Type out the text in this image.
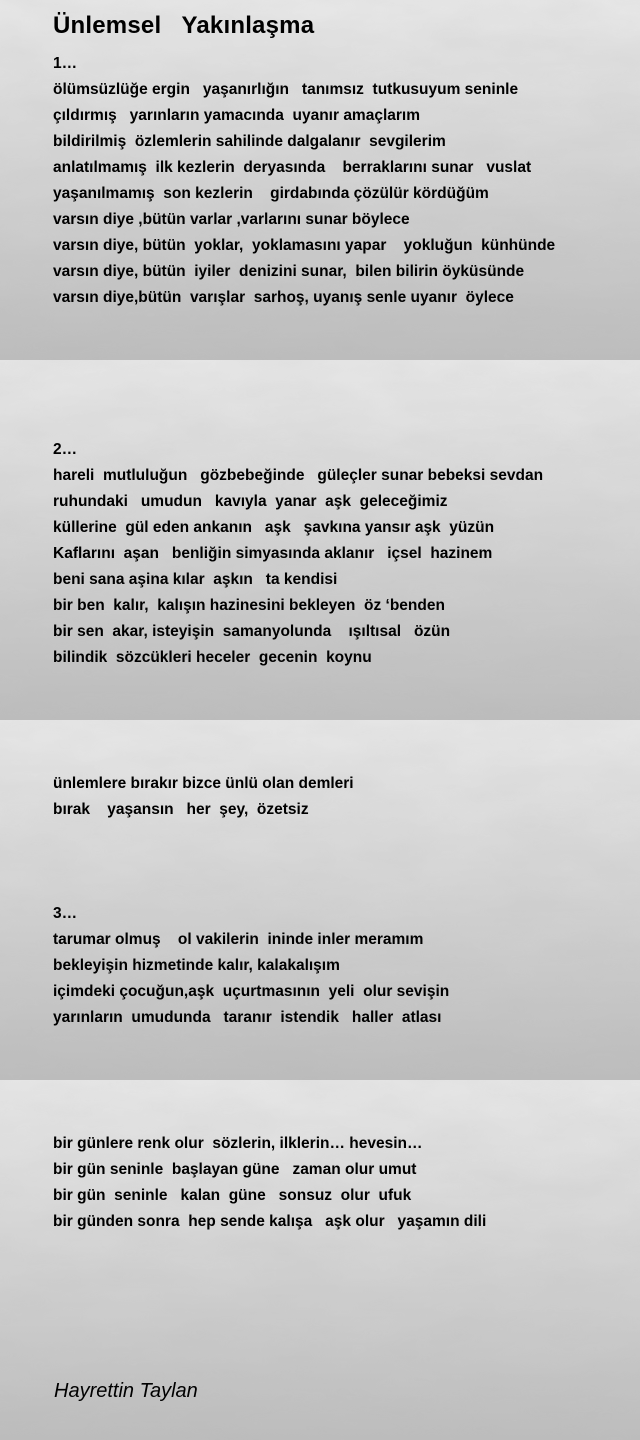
Ünlemsel   Yakınlaşma
1…
ölümsüzlüğe ergin   yaşanırlığın   tanımsız  tutkusuyum seninle
çıldırmış   yarınların yamacında  uyanır amaçlarım
bildirilmiş  özlemlerin sahilinde dalgalanır  sevgilerim
anlatılmamış  ilk kezlerin  deryasında    berraklarını sunar   vuslat
yaşanılmamış  son kezlerin    girdabında çözülür kördüğüm
varsın diye ,bütün varlar ,varlarını sunar böylece
varsın diye, bütün  yoklar,  yoklamasını yapar    yokluğun  künhünde
varsın diye, bütün  iyiler  denizini sunar,  bilen bilirin öyküsünde
varsın diye,bütün  varışlar  sarhoş, uyanış senle uyanır  öylece
2…
hareli  mutluluğun   gözbebeğinde   güleçler sunar bebeksi sevdan
ruhundaki   umudun   kavıyla  yanar  aşk  geleceğimiz
küllerine  gül eden ankanın   aşk   şavkına yansır aşk  yüzün
Kaflarını  aşan   benliğin simyasında aklanır   içsel  hazinem
beni sana aşina kılar  aşkın   ta kendisi
bir ben  kalır,  kalışın hazinesini bekleyen  öz ‘benden
bir sen  akar, isteyişin  samanyolunda    ışıltısal   özün
bilindik  sözcükleri heceler  gecenin  koynu
ünlemlere bırakır bizce ünlü olan demleri
bırak    yaşansın   her  şey,  özetsiz
3…
tarumar olmuş    ol vakilerin  ininde inler meramım
bekleyişin hizmetinde kalır, kalakalışım
içimdeki çocuğun,aşk  uçurtmasının  yeli  olur sevişin
yarınların  umudunda   taranır  istendik   haller  atlası
bir günlere renk olur  sözlerin, ilklerin… hevesin…
bir gün seninle  başlayan güne   zaman olur umut
bir gün  seninle   kalan  güne   sonsuz  olur  ufuk
bir günden sonra  hep sende kalışa   aşk olur   yaşamın dili
Hayrettin Taylan
